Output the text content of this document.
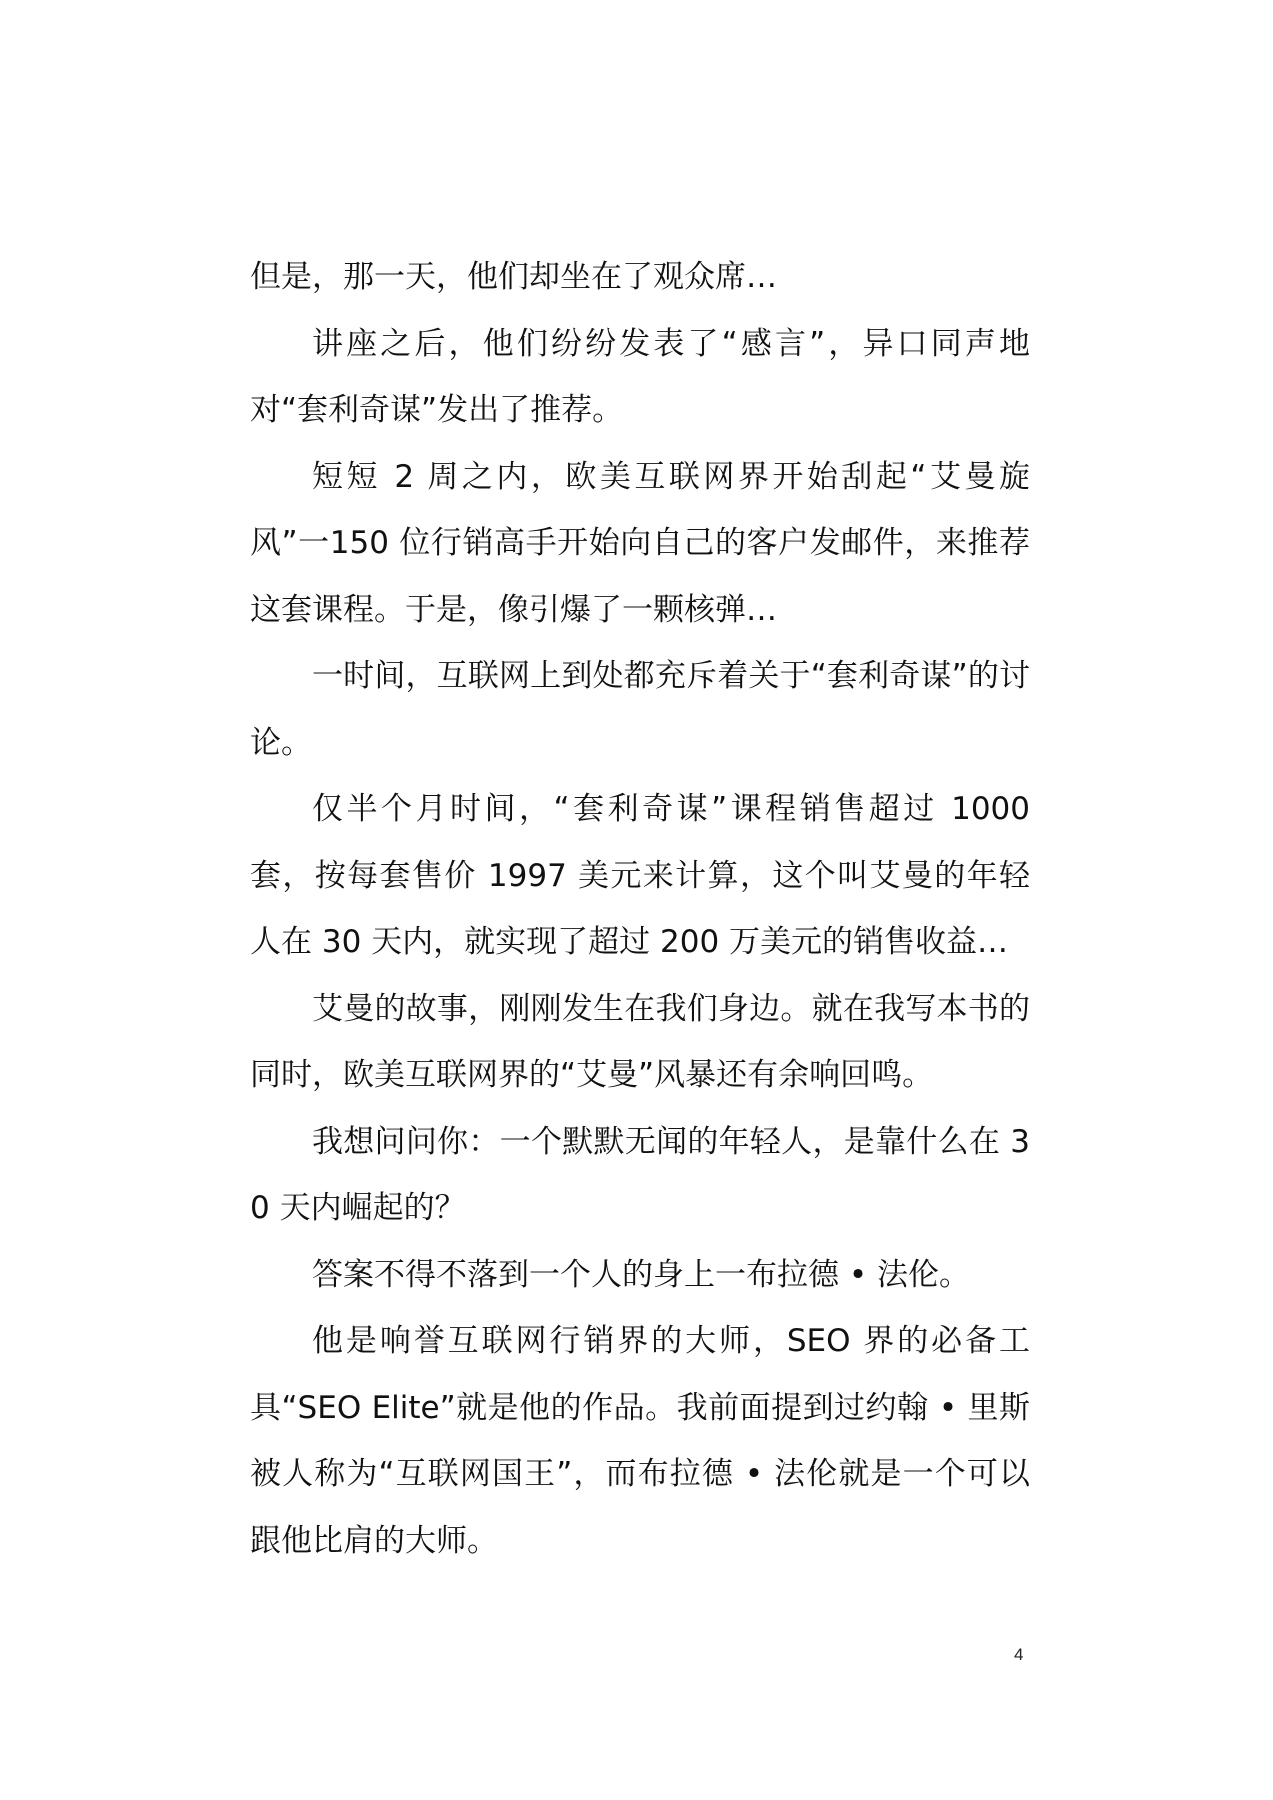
但是，那一天，他们却坐在了观众席…

讲座之后，他们纷纷发表了“感言”，异口同声地对“套利奇谋”发出了推荐。

短短 2 周之内，欧美互联网界开始刮起“艾曼旋风”一150 位行销高手开始向自己的客户发邮件，来推荐这套课程。于是，像引爆了一颗核弹…

一时间，互联网上到处都充斥着关于“套利奇谋”的讨论。

仅半个月时间，“套利奇谋”课程销售超过 1000 套，按每套售价 1997 美元来计算，这个叫艾曼的年轻人在 30 天内，就实现了超过 200 万美元的销售收益…

艾曼的故事，刚刚发生在我们身边。就在我写本书的同时，欧美互联网界的“艾曼”风暴还有余响回鸣。

我想问问你：一个默默无闻的年轻人，是靠什么在 30 天内崛起的？

答案不得不落到一个人的身上一布拉德 • 法伦。

他是响誉互联网行销界的大师，SEO 界的必备工具“SEO Elite”就是他的作品。我前面提到过约翰 • 里斯被人称为“互联网国王”，而布拉德 • 法伦就是一个可以跟他比肩的大师。

4
